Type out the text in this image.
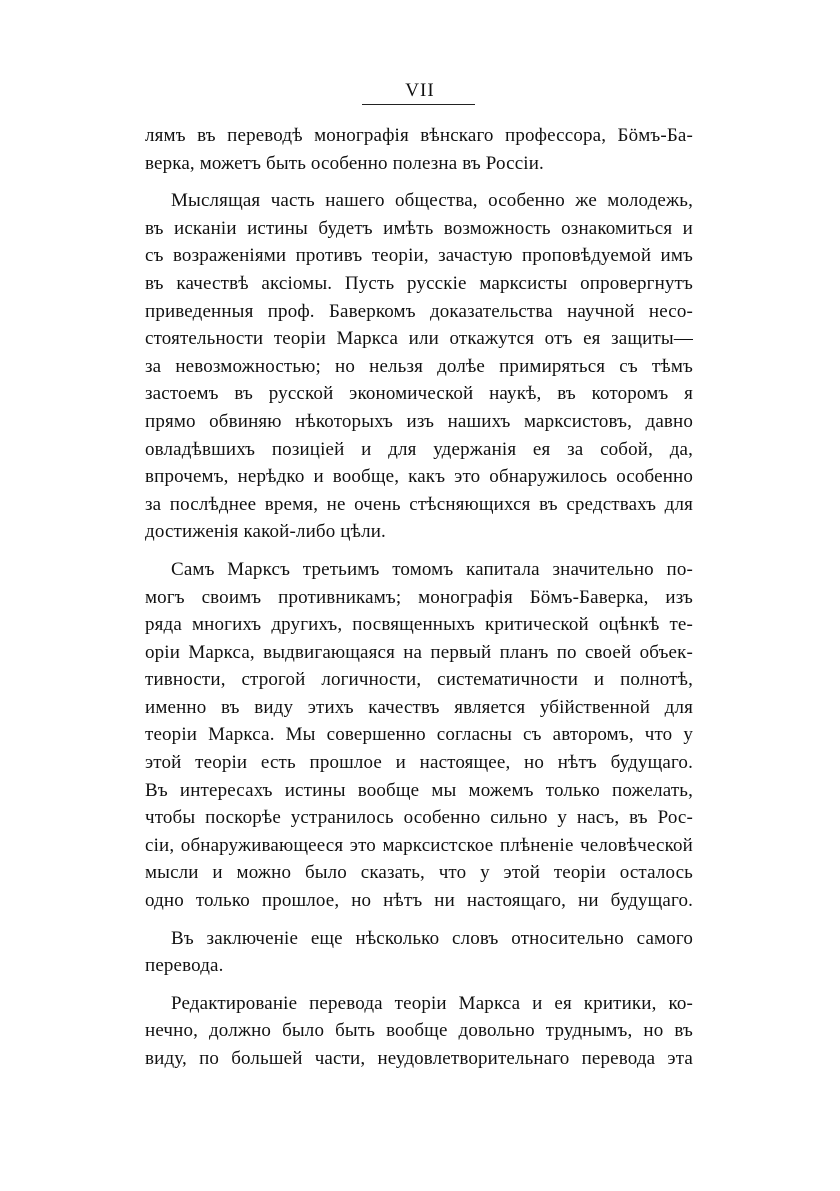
VII
лямъ въ переводѣ монографія вѣнскаго профессора, Бӧмъ-Ба-
верка, можетъ быть особенно полезна въ Россіи.
Мыслящая часть нашего общества, особенно же молодежь,
въ исканіи истины будетъ имѣть возможность ознакомиться и
съ возраженіями противъ теоріи, зачастую проповѣдуемой имъ
въ качествѣ аксіомы. Пусть русскіе марксисты опровергнутъ
приведенныя проф. Баверкомъ доказательства научной несо-
стоятельности теоріи Маркса или откажутся отъ ея защиты—
за невозможностью; но нельзя долѣе примиряться съ тѣмъ
застоемъ въ русской экономической наукѣ, въ которомъ я
прямо обвиняю нѣкоторыхъ изъ нашихъ марксистовъ, давно
овладѣвшихъ позиціей и для удержанія ея за собой, да,
впрочемъ, нерѣдко и вообще, какъ это обнаружилось особенно
за послѣднее время, не очень стѣсняющихся въ средствахъ для
достиженія какой-либо цѣли.
Самъ Марксъ третьимъ томомъ капитала значительно по-
могъ своимъ противникамъ; монографія Бӧмъ-Баверка, изъ
ряда многихъ другихъ, посвященныхъ критической оцѣнкѣ те-
оріи Маркса, выдвигающаяся на первый планъ по своей объек-
тивности, строгой логичности, систематичности и полнотѣ,
именно въ виду этихъ качествъ является убійственной для
теоріи Маркса. Мы совершенно согласны съ авторомъ, что у
этой теоріи есть прошлое и настоящее, но нѣтъ будущаго.
Въ интересахъ истины вообще мы можемъ только пожелать,
чтобы поскорѣе устранилось особенно сильно у насъ, въ Рос-
сіи, обнаруживающееся это марксистское плѣненіе человѣческой
мысли и можно было сказать, что у этой теоріи осталось
одно только прошлое, но нѣтъ ни настоящаго, ни будущаго.
Въ заключеніе еще нѣсколько словъ относительно самого
перевода.
Редактированіе перевода теоріи Маркса и ея критики, ко-
нечно, должно было быть вообще довольно труднымъ, но въ
виду, по большей части, неудовлетворительнаго перевода эта
